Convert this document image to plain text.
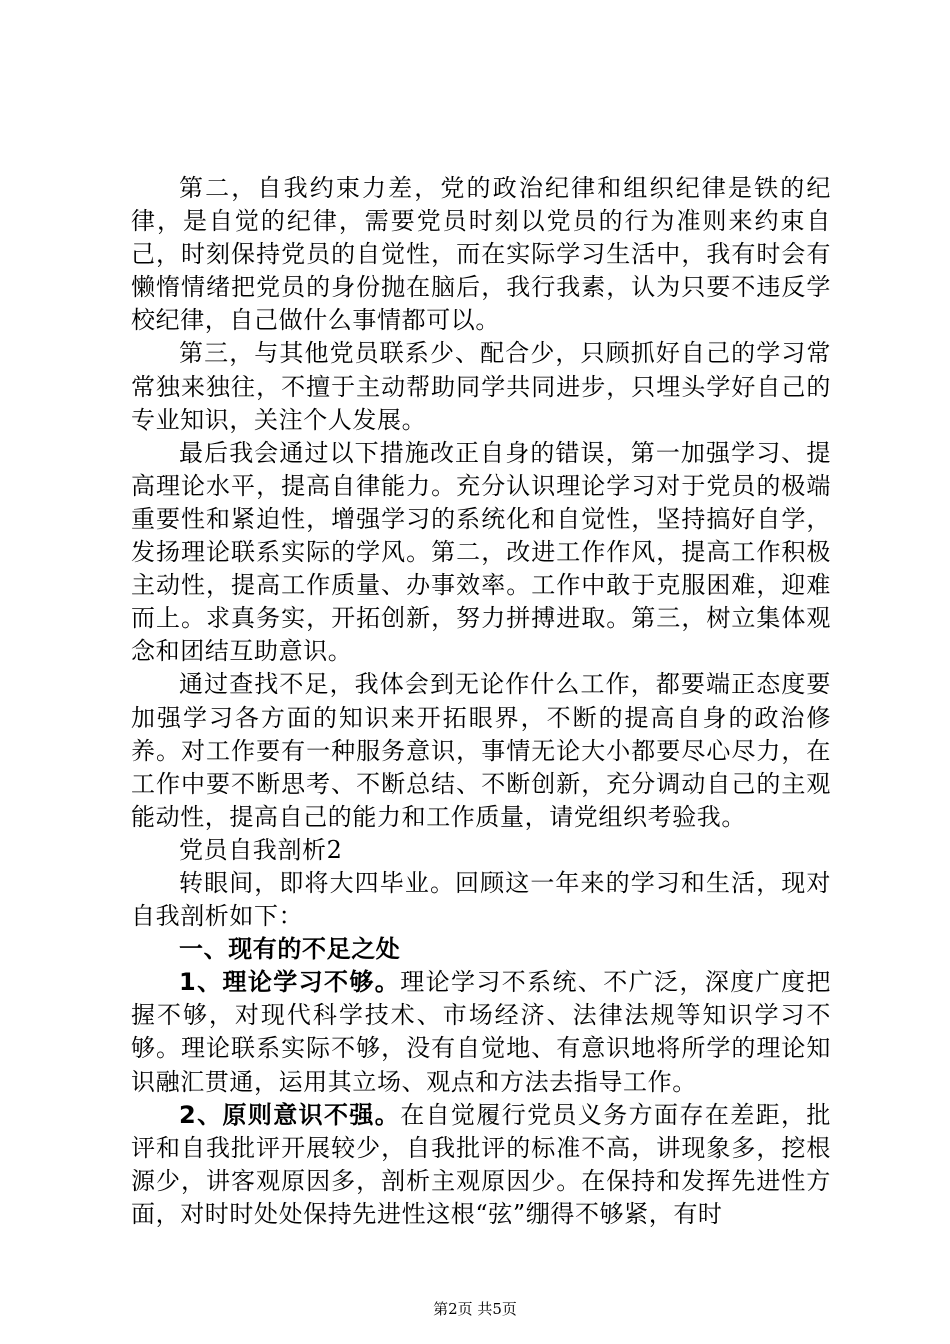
第二，自我约束力差，党的政治纪律和组织纪律是铁的纪律，是自觉的纪律，需要党员时刻以党员的行为准则来约束自己，时刻保持党员的自觉性，而在实际学习生活中，我有时会有懒惰情绪把党员的身份抛在脑后，我行我素，认为只要不违反学校纪律，自己做什么事情都可以。

第三，与其他党员联系少、配合少，只顾抓好自己的学习常常独来独往，不擅于主动帮助同学共同进步，只埋头学好自己的专业知识，关注个人发展。

最后我会通过以下措施改正自身的错误，第一加强学习、提高理论水平，提高自律能力。充分认识理论学习对于党员的极端重要性和紧迫性，增强学习的系统化和自觉性，坚持搞好自学，发扬理论联系实际的学风。第二，改进工作作风，提高工作积极主动性，提高工作质量、办事效率。工作中敢于克服困难，迎难而上。求真务实，开拓创新，努力拼搏进取。第三，树立集体观念和团结互助意识。

通过查找不足，我体会到无论作什么工作，都要端正态度要加强学习各方面的知识来开拓眼界，不断的提高自身的政治修养。对工作要有一种服务意识，事情无论大小都要尽心尽力，在工作中要不断思考、不断总结、不断创新，充分调动自己的主观能动性，提高自己的能力和工作质量，请党组织考验我。

党员自我剖析2

转眼间，即将大四毕业。回顾这一年来的学习和生活，现对自我剖析如下：

一、现有的不足之处

1、理论学习不够。理论学习不系统、不广泛，深度广度把握不够，对现代科学技术、市场经济、法律法规等知识学习不够。理论联系实际不够，没有自觉地、有意识地将所学的理论知识融汇贯通，运用其立场、观点和方法去指导工作。

2、原则意识不强。在自觉履行党员义务方面存在差距，批评和自我批评开展较少，自我批评的标准不高，讲现象多，挖根源少，讲客观原因多，剖析主观原因少。在保持和发挥先进性方面，对时时处处保持先进性这根“弦”绷得不够紧，有时

第2页 共5页
